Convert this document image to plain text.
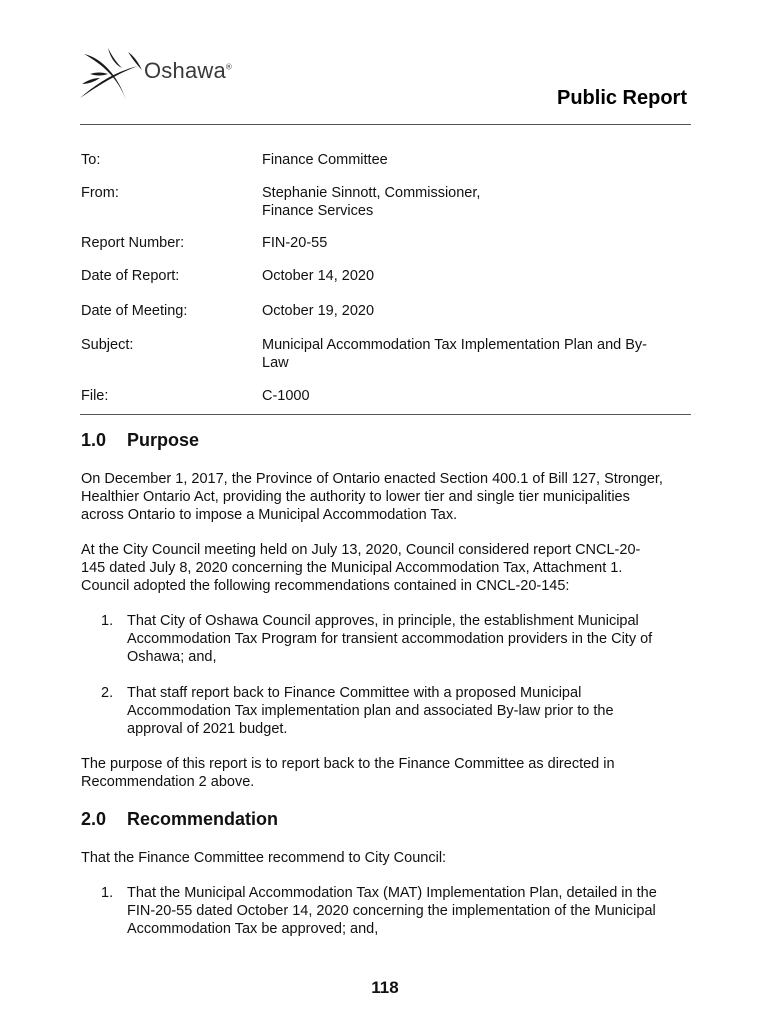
Oshawa®
Public Report
To:	Finance Committee
From:	Stephanie Sinnott, Commissioner,
Finance Services
Report Number:	FIN-20-55
Date of Report:	October 14, 2020
Date of Meeting:	October 19, 2020
Subject:	Municipal Accommodation Tax Implementation Plan and By-
Law
File:	C-1000
1.0 Purpose

On December 1, 2017, the Province of Ontario enacted Section 400.1 of Bill 127, Stronger,
Healthier Ontario Act, providing the authority to lower tier and single tier municipalities
across Ontario to impose a Municipal Accommodation Tax.

At the City Council meeting held on July 13, 2020, Council considered report CNCL-20-
145 dated July 8, 2020 concerning the Municipal Accommodation Tax, Attachment 1.
Council adopted the following recommendations contained in CNCL-20-145:

1. That City of Oshawa Council approves, in principle, the establishment Municipal
Accommodation Tax Program for transient accommodation providers in the City of
Oshawa; and,
2. That staff report back to Finance Committee with a proposed Municipal
Accommodation Tax implementation plan and associated By-law prior to the
approval of 2021 budget.

The purpose of this report is to report back to the Finance Committee as directed in
Recommendation 2 above.

2.0 Recommendation

That the Finance Committee recommend to City Council:

1. That the Municipal Accommodation Tax (MAT) Implementation Plan, detailed in the
FIN-20-55 dated October 14, 2020 concerning the implementation of the Municipal
Accommodation Tax be approved; and,
118
